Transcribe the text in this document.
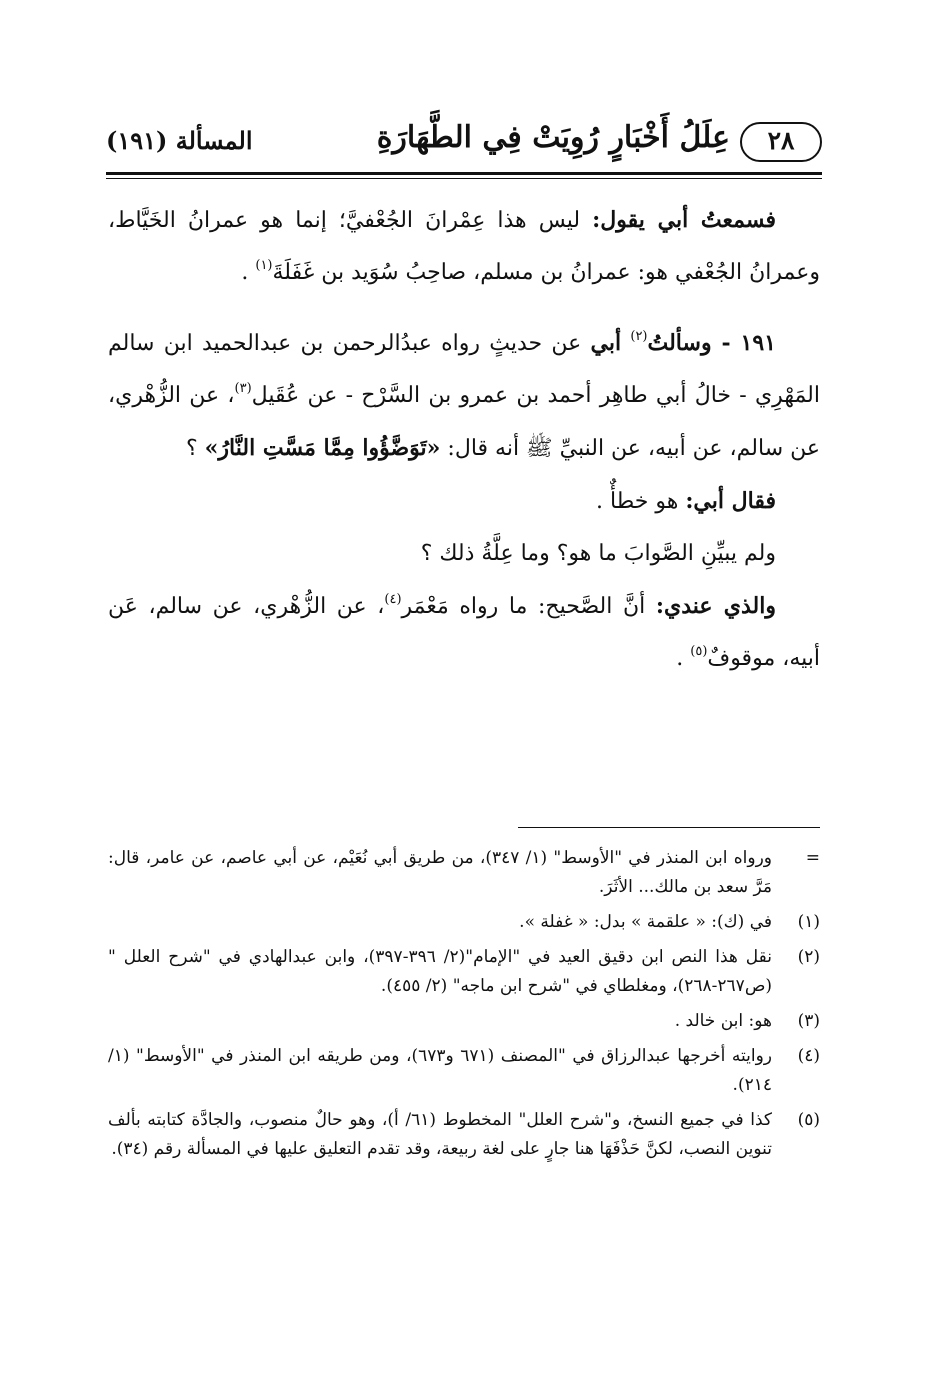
٢٨
عِلَلُ أَخْبَارٍ رُوِيَتْ فِي الطَّهَارَةِ
المسألة (١٩١)

فسمعتُ أبي يقول: ليس هذا عِمْرانَ الجُعْفيَّ؛ إنما هو عمرانُ الخَيَّاط، وعمرانُ الجُعْفي هو: عمرانُ بن مسلم، صاحِبُ سُوَيد بن غَفَلَةَ$^{(١)}$ .

١٩١ - وسألتُ$^{(٢)}$ أبي عن حديثٍ رواه عبدُالرحمن بن عبدالحميد ابن سالم المَهْرِي - خالُ أبي طاهِر أحمد بن عمرو بن السَّرْح - عن عُقَيل$^{(٣)}$، عن الزُّهْري، عن سالم، عن أبيه، عن النبيِّ ﷺ أنه قال: «تَوَضَّؤُوا مِمَّا مَسَّتِ النَّارُ» ؟

فقال أبي: هو خطأٌ .

ولم يبيِّنِ الصَّوابَ ما هو؟ وما عِلَّةُ ذلك ؟

والذي عندي: أنَّ الصَّحيح: ما رواه مَعْمَر$^{(٤)}$، عن الزُّهْري، عن سالم، عَن أبيه، موقوفٌ$^{(٥)}$ .

=
ورواه ابن المنذر في "الأوسط" (١/ ٣٤٧)، من طريق أبي نُعَيْم، عن أبي عاصم، عن عامر، قال: مَرَّ سعد بن مالك... الأثَرَ.
(١)
في (ك): « علقمة » بدل: « غفلة ».
(٢)
نقل هذا النص ابن دقيق العيد في "الإمام"(٢/ ٣٩٦-٣٩٧)، وابن عبدالهادي في "شرح العلل " (ص٢٦٧-٢٦٨)، ومغلطاي في "شرح ابن ماجه" (٢/ ٤٥٥).
(٣)
هو: ابن خالد .
(٤)
روايته أخرجها عبدالرزاق في "المصنف (٦٧١ و٦٧٣)، ومن طريقه ابن المنذر في "الأوسط" (١/ ٢١٤).
(٥)
كذا في جميع النسخ، و"شرح العلل" المخطوط (٦١/ أ)، وهو حالٌ منصوب، والجادَّة كتابته بألف تنوين النصب، لكنَّ حَذْفَهَا هنا جارٍ على لغة ربيعة، وقد تقدم التعليق عليها في المسألة رقم (٣٤).
